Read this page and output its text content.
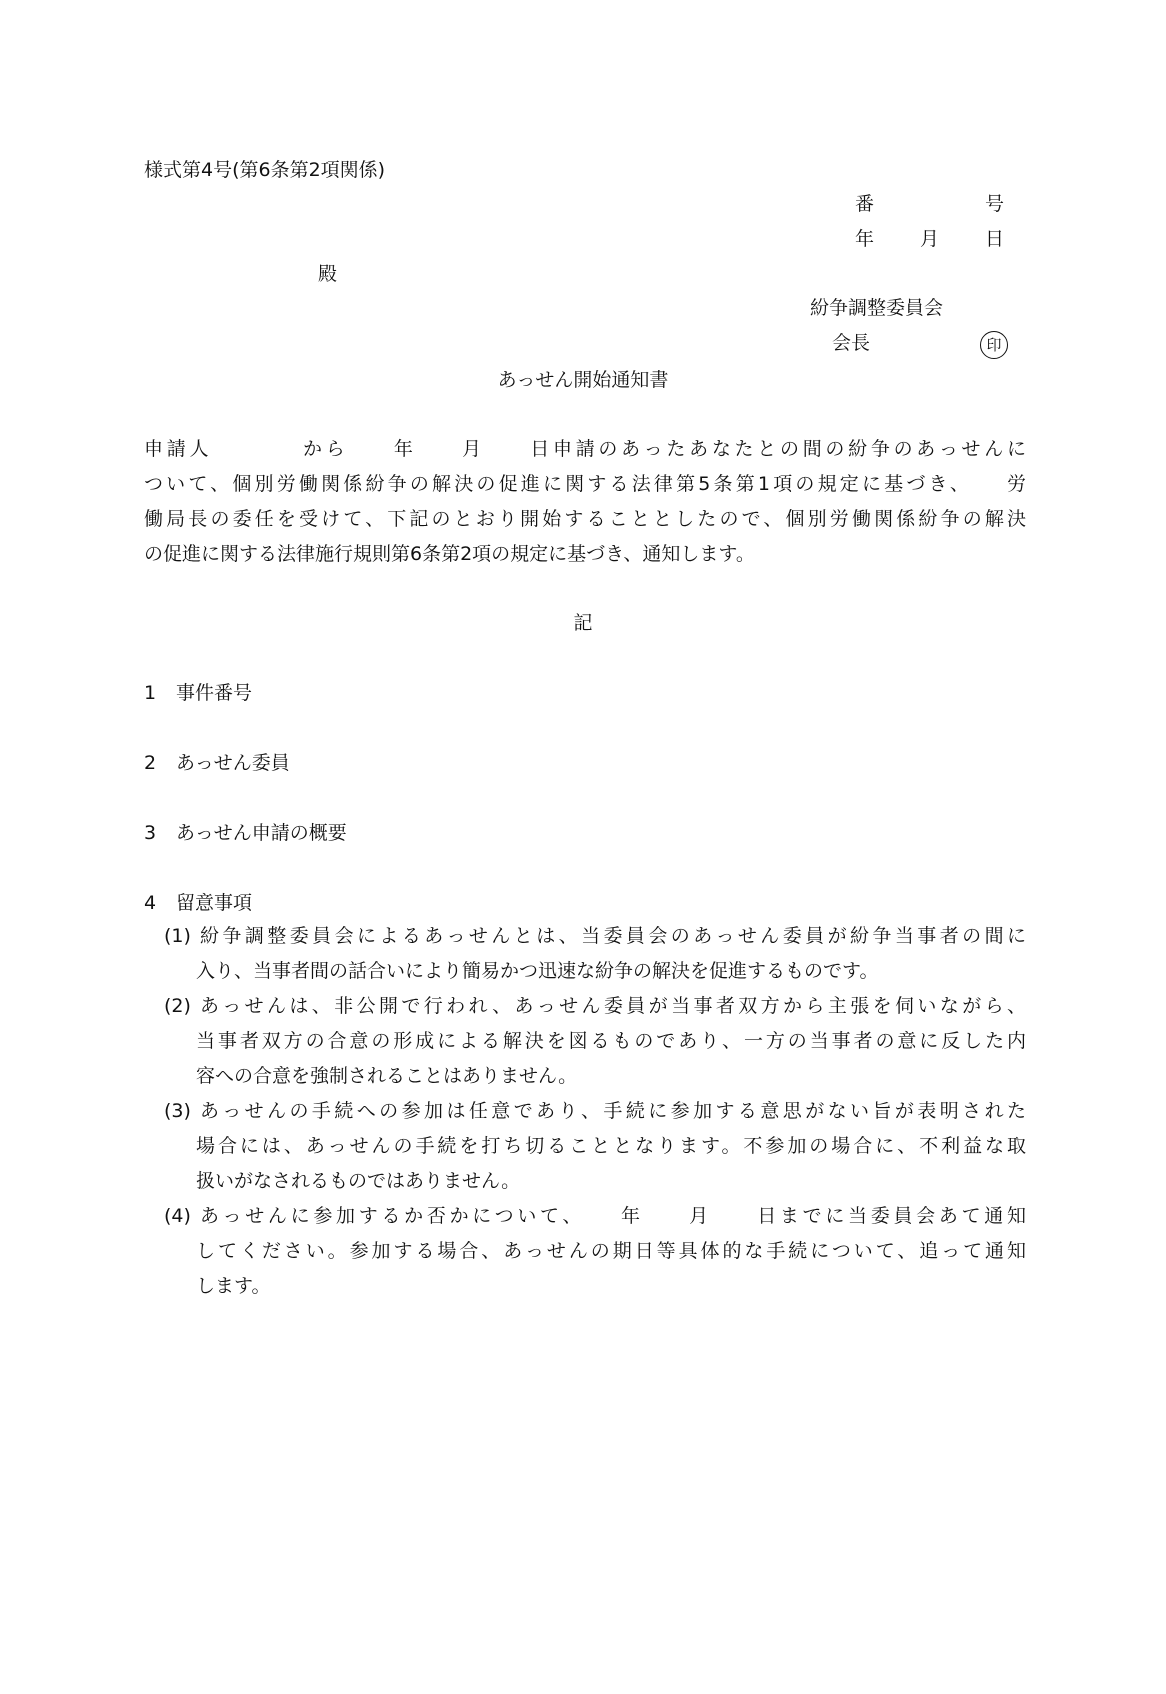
様式第4号(第6条第2項関係)
番	号
年 月 日
殿
紛争調整委員会
会長	印
あっせん開始通知書
申請人　　　　から　　年　　月　　日申請のあったあなたとの間の紛争のあっせんに
ついて、個別労働関係紛争の解決の促進に関する法律第5条第1項の規定に基づき、　　労
働局長の委任を受けて、下記のとおり開始することとしたので、個別労働関係紛争の解決
の促進に関する法律施行規則第6条第2項の規定に基づき、通知します。
記
1 事件番号
2 あっせん委員
3 あっせん申請の概要
4 留意事項
(1) 紛争調整委員会によるあっせんとは、当委員会のあっせん委員が紛争当事者の間に
入り、当事者間の話合いにより簡易かつ迅速な紛争の解決を促進するものです。
(2) あっせんは、非公開で行われ、あっせん委員が当事者双方から主張を伺いながら、
当事者双方の合意の形成による解決を図るものであり、一方の当事者の意に反した内
容への合意を強制されることはありません。
(3) あっせんの手続への参加は任意であり、手続に参加する意思がない旨が表明された
場合には、あっせんの手続を打ち切ることとなります。不参加の場合に、不利益な取
扱いがなされるものではありません。
(4) あっせんに参加するか否かについて、　　年　　月　　日までに当委員会あて通知
してください。参加する場合、あっせんの期日等具体的な手続について、追って通知
します。
